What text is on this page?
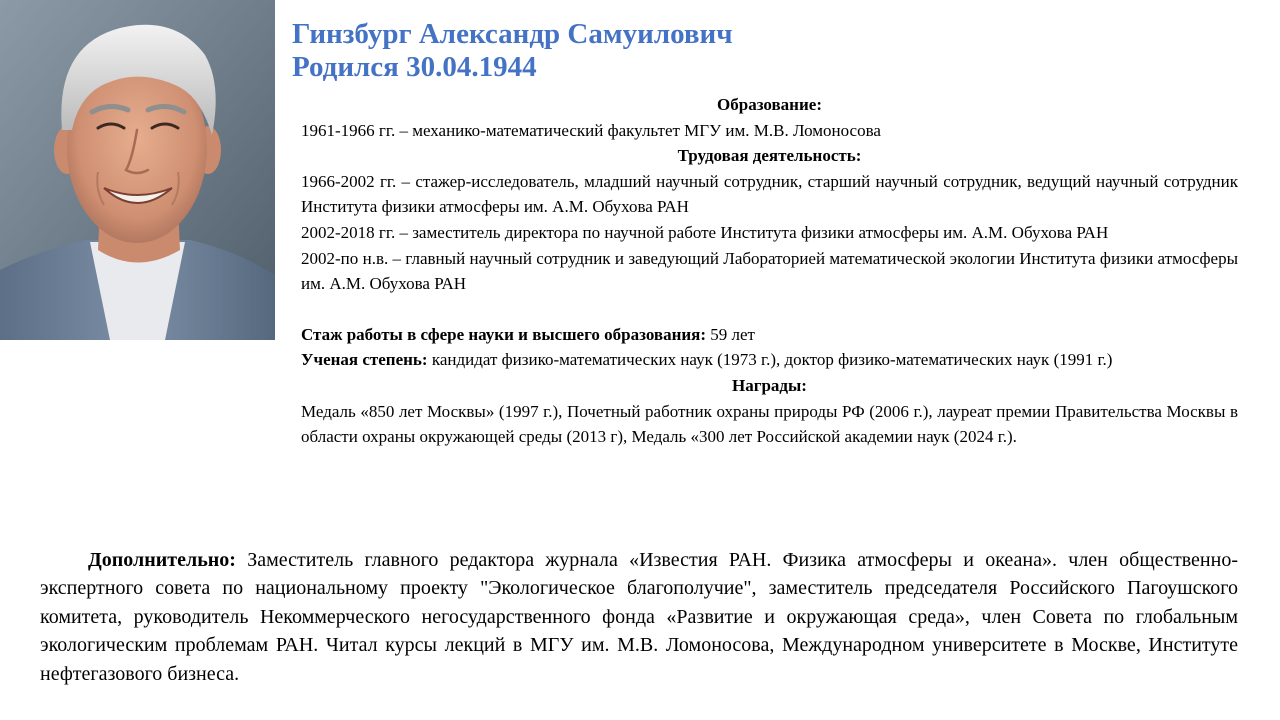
Гинзбург Александр Самуилович
Родился 30.04.1944

Образование:

1961-1966 гг. – механико-математический факультет МГУ им. М.В. Ломоносова

Трудовая деятельность:

1966-2002 гг. – стажер-исследователь, младший научный сотрудник, старший научный сотрудник, ведущий научный сотрудник Института физики атмосферы им. А.М. Обухова РАН

2002-2018 гг. – заместитель директора по научной работе Института физики атмосферы им. А.М. Обухова РАН

2002-по н.в. – главный научный сотрудник и заведующий Лабораторией математической экологии Института физики атмосферы им. А.М. Обухова РАН

Стаж работы в сфере науки и высшего образования: 59 лет

Ученая степень: кандидат физико-математических наук (1973 г.), доктор физико-математических наук (1991 г.)

Награды:

Медаль «850 лет Москвы» (1997 г.), Почетный работник охраны природы РФ (2006 г.), лауреат премии Правительства Москвы в области охраны окружающей среды (2013 г), Медаль «300 лет Российской академии наук (2024 г.).

Дополнительно: Заместитель главного редактора журнала «Известия РАН. Физика атмосферы и океана». член общественно-экспертного совета по национальному проекту "Экологическое благополучие", заместитель председателя Российского Пагоушского комитета, руководитель Некоммерческого негосударственного фонда «Развитие и окружающая среда», член Совета по глобальным экологическим проблемам РАН. Читал курсы лекций в МГУ им. М.В. Ломоносова, Международном университете в Москве, Институте нефтегазового бизнеса.
